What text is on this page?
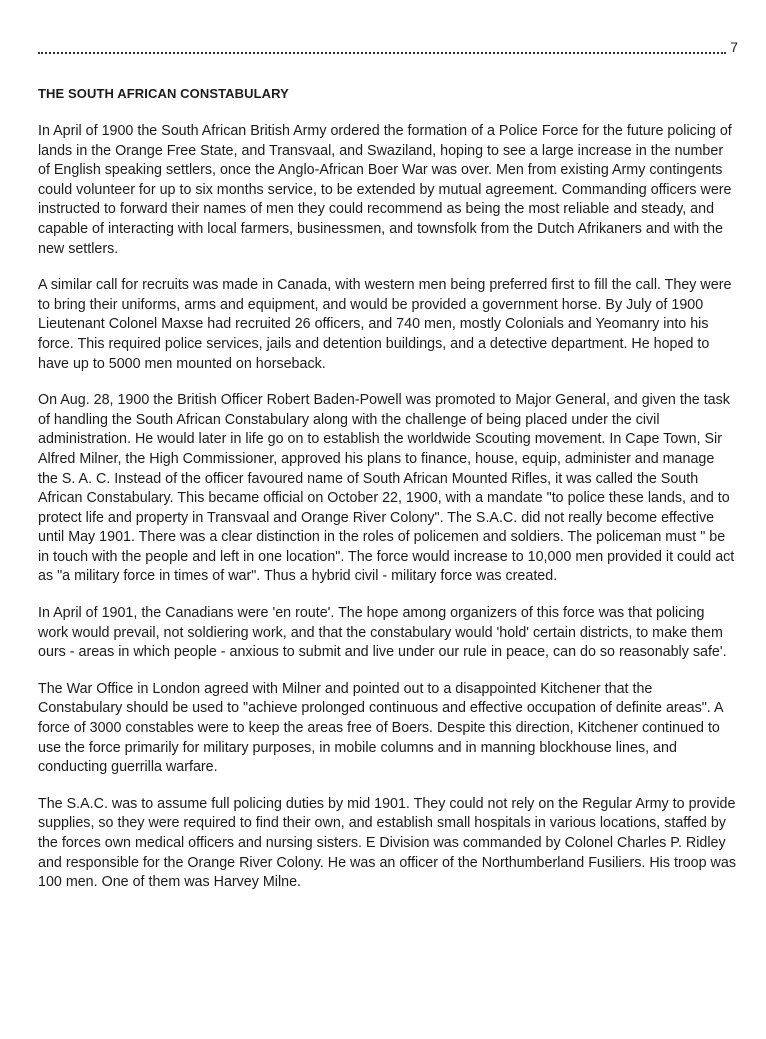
7
THE SOUTH AFRICAN CONSTABULARY

In April of 1900 the South African British Army ordered the formation of a Police Force for the future policing of lands in the Orange Free State, and Transvaal, and Swaziland, hoping to see a large increase in the number of English speaking settlers, once the Anglo-African Boer War was over. Men from existing Army contingents could volunteer for up to six months service, to be extended by mutual agreement. Commanding officers were instructed to forward their names of men they could recommend as being the most reliable and steady, and capable of interacting with local farmers, businessmen, and townsfolk from the Dutch Afrikaners and with the new settlers.

A similar call for recruits was made in Canada, with western men being preferred first to fill the call. They were to bring their uniforms, arms and equipment, and would be provided a government horse. By July of 1900 Lieutenant Colonel Maxse had recruited 26 officers, and 740 men, mostly Colonials and Yeomanry into his force. This required police services, jails and detention buildings, and a detective department. He hoped to have up to 5000 men mounted on horseback.

On Aug. 28, 1900 the British Officer Robert Baden-Powell was promoted to Major General, and given the task of handling the South African Constabulary along with the challenge of being placed under the civil administration. He would later in life go on to establish the worldwide Scouting movement. In Cape Town, Sir Alfred Milner, the High Commissioner, approved his plans to finance, house, equip, administer and manage the S. A. C. Instead of the officer favoured name of South African Mounted Rifles, it was called the South African Constabulary. This became official on October 22, 1900, with a mandate "to police these lands, and to protect life and property in Transvaal and Orange River Colony". The S.A.C. did not really become effective until May 1901. There was a clear distinction in the roles of policemen and soldiers. The policeman must " be in touch with the people and left in one location". The force would increase to 10,000 men provided it could act as "a military force in times of war". Thus a hybrid civil - military force was created.

In April of 1901, the Canadians were 'en route'. The hope among organizers of this force was that policing work would prevail, not soldiering work, and that the constabulary would 'hold' certain districts, to make them ours - areas in which people - anxious to submit and live under our rule in peace, can do so reasonably safe'.

The War Office in London agreed with Milner and pointed out to a disappointed Kitchener that the Constabulary should be used to "achieve prolonged continuous and effective occupation of definite areas". A force of 3000 constables were to keep the areas free of Boers. Despite this direction, Kitchener continued to use the force primarily for military purposes, in mobile columns and in manning blockhouse lines, and conducting guerrilla warfare.

The S.A.C. was to assume full policing duties by mid 1901. They could not rely on the Regular Army to provide supplies, so they were required to find their own, and establish small hospitals in various locations, staffed by the forces own medical officers and nursing sisters. E Division was commanded by Colonel Charles P. Ridley and responsible for the Orange River Colony. He was an officer of the Northumberland Fusiliers. His troop was 100 men. One of them was Harvey Milne.
